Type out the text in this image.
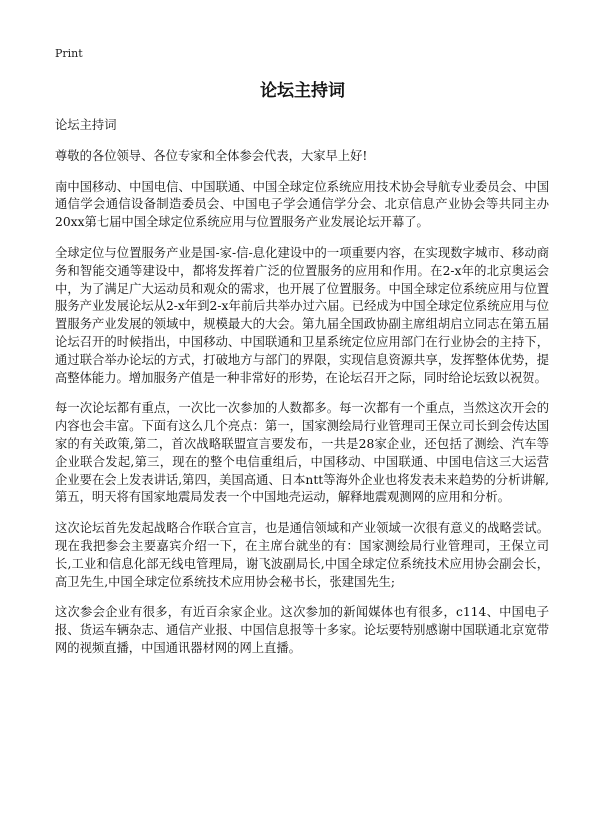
Print
论坛主持词

论坛主持词

尊敬的各位领导、各位专家和全体参会代表，大家早上好!

南中国移动、中国电信、中国联通、中国全球定位系统应用技术协会导航专业委员会、中国通信学会通信设备制造委员会、中国电子学会通信学分会、北京信息产业协会等共同主办20xx第七届中国全球定位系统应用与位置服务产业发展论坛开幕了。

全球定位与位置服务产业是国-家-信-息化建设中的一项重要内容，在实现数字城市、移动商务和智能交通等建设中，都将发挥着广泛的位置服务的应用和作用。在2-x年的北京奥运会中，为了满足广大运动员和观众的需求，也开展了位置服务。中国全球定位系统应用与位置服务产业发展论坛从2-x年到2-x年前后共举办过六届。已经成为中国全球定位系统应用与位置服务产业发展的领域中，规模最大的大会。第九届全国政协副主席组胡启立同志在第五届论坛召开的时候指出，中国移动、中国联通和卫星系统定位应用部门在行业协会的主持下，通过联合举办论坛的方式，打破地方与部门的界限，实现信息资源共享，发挥整体优势，提高整体能力。增加服务产值是一种非常好的形势，在论坛召开之际，同时给论坛致以祝贺。

每一次论坛都有重点，一次比一次参加的人数都多。每一次都有一个重点，当然这次开会的内容也会丰富。下面有这么几个亮点：第一，国家测绘局行业管理司王保立司长到会传达国家的有关政策,第二，首次战略联盟宣言要发布，一共是28家企业，还包括了测绘、汽车等企业联合发起,第三，现在的整个电信重组后，中国移动、中国联通、中国电信这三大运营企业要在会上发表讲话,第四，美国高通、日本ntt等海外企业也将发表未来趋势的分析讲解,第五，明天将有国家地震局发表一个中国地壳运动，解释地震观测网的应用和分析。

这次论坛首先发起战略合作联合宣言，也是通信领域和产业领域一次很有意义的战略尝试。现在我把参会主要嘉宾介绍一下，在主席台就坐的有：国家测绘局行业管理司，王保立司长,工业和信息化部无线电管理局，谢飞波副局长,中国全球定位系统技术应用协会副会长，高卫先生,中国全球定位系统技术应用协会秘书长，张建国先生;

这次参会企业有很多，有近百余家企业。这次参加的新闻媒体也有很多，c114、中国电子报、货运车辆杂志、通信产业报、中国信息报等十多家。论坛要特别感谢中国联通北京宽带网的视频直播，中国通讯器材网的网上直播。
